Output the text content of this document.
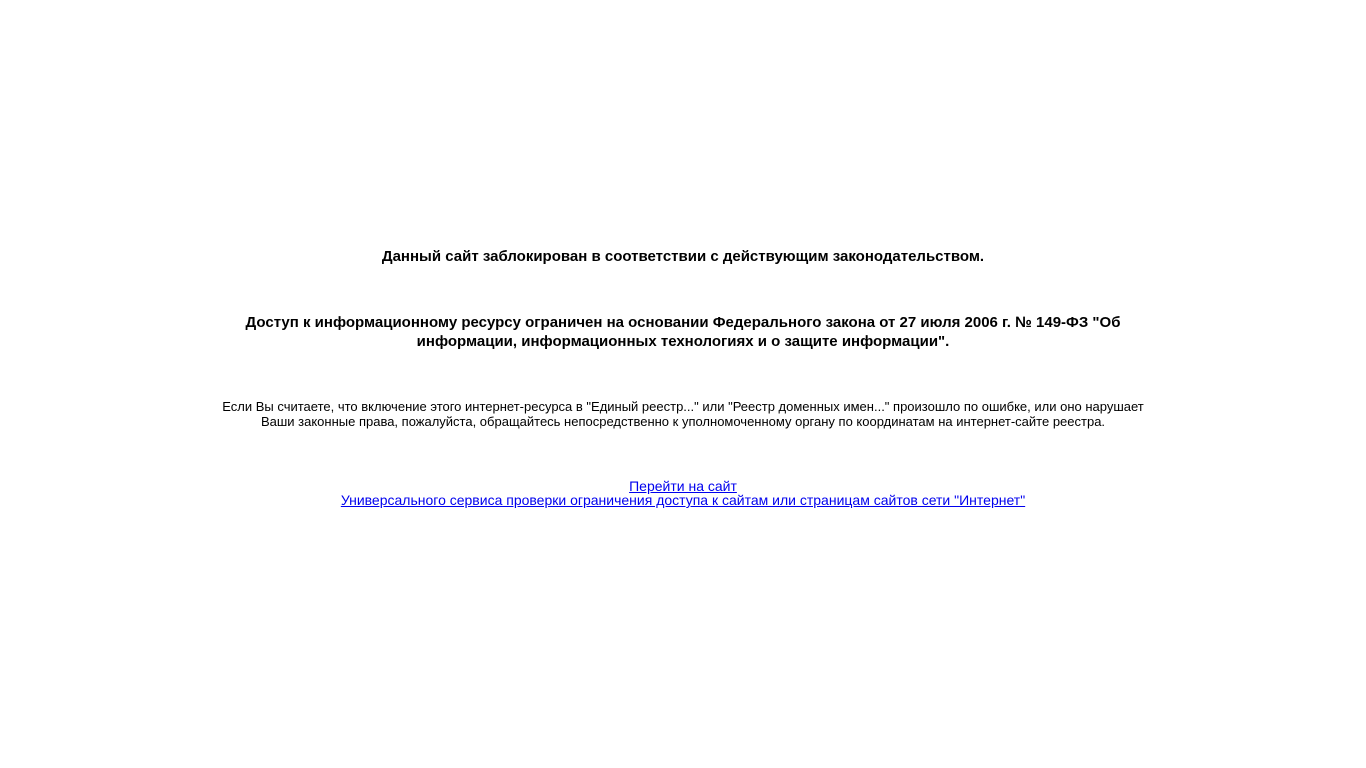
Данный сайт заблокирован в соответствии с действующим законодательством.
Доступ к информационному ресурсу ограничен на основании Федерального закона от 27 июля 2006 г. № 149-ФЗ "Об информации, информационных технологиях и о защите информации".
Если Вы считаете, что включение этого интернет-ресурса в "Единый реестр..." или "Реестр доменных имен..." произошло по ошибке, или оно нарушает Ваши законные права, пожалуйста, обращайтесь непосредственно к уполномоченному органу по координатам на интернет-сайте реестра.
Перейти на сайт
Универсального сервиса проверки ограничения доступа к сайтам или страницам сайтов сети "Интернет"
